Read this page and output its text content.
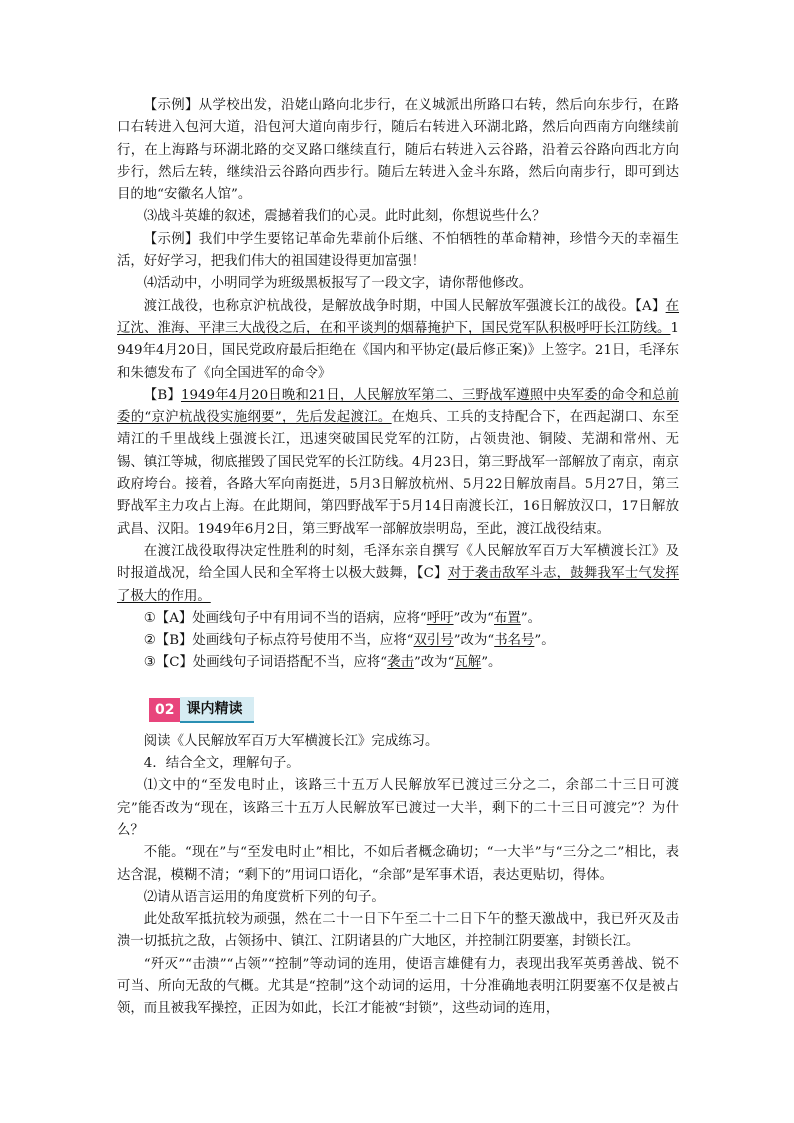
【示例】从学校出发，沿姥山路向北步行，在义城派出所路口右转，然后向东步行，在路口右转进入包河大道，沿包河大道向南步行，随后右转进入环湖北路，然后向西南方向继续前行，在上海路与环湖北路的交叉路口继续直行，随后右转进入云谷路，沿着云谷路向西北方向步行，然后左转，继续沿云谷路向西步行。随后左转进入金斗东路，然后向南步行，即可到达目的地“安徽名人馆”。

⑶战斗英雄的叙述，震撼着我们的心灵。此时此刻，你想说些什么？

【示例】我们中学生要铭记革命先辈前仆后继、不怕牺牲的革命精神，珍惜今天的幸福生活，好好学习，把我们伟大的祖国建设得更加富强！

⑷活动中，小明同学为班级黑板报写了一段文字，请你帮他修改。

渡江战役，也称京沪杭战役，是解放战争时期，中国人民解放军强渡长江的战役。【A】在辽沈、淮海、平津三大战役之后，在和平谈判的烟幕掩护下，国民党军队积极呼吁长江防线。1949年4月20日，国民党政府最后拒绝在《国内和平协定(最后修正案)》上签字。21日，毛泽东和朱德发布了《向全国进军的命令》

【B】1949年4月20日晚和21日，人民解放军第二、三野战军遵照中央军委的命令和总前委的“京沪杭战役实施纲要”，先后发起渡江。在炮兵、工兵的支持配合下，在西起湖口、东至靖江的千里战线上强渡长江，迅速突破国民党军的江防，占领贵池、铜陵、芜湖和常州、无锡、镇江等城，彻底摧毁了国民党军的长江防线。4月23日，第三野战军一部解放了南京，南京政府垮台。接着，各路大军向南挺进，5月3日解放杭州、5月22日解放南昌。5月27日，第三野战军主力攻占上海。在此期间，第四野战军于5月14日南渡长江，16日解放汉口，17日解放武昌、汉阳。1949年6月2日，第三野战军一部解放崇明岛，至此，渡江战役结束。

在渡江战役取得决定性胜利的时刻，毛泽东亲自撰写《人民解放军百万大军横渡长江》及时报道战况，给全国人民和全军将士以极大鼓舞，【C】对于袭击敌军斗志，鼓舞我军士气发挥了极大的作用。

①【A】处画线句子中有用词不当的语病，应将“呼吁”改为“布置”。

②【B】处画线句子标点符号使用不当，应将“双引号”改为“书名号”。

③【C】处画线句子词语搭配不当，应将“袭击”改为“瓦解”。

02 课内精读

阅读《人民解放军百万大军横渡长江》完成练习。

4．结合全文，理解句子。

⑴文中的“至发电时止，该路三十五万人民解放军已渡过三分之二，余部二十三日可渡完”能否改为“现在，该路三十五万人民解放军已渡过一大半，剩下的二十三日可渡完”？为什么？

不能。“现在”与“至发电时止”相比，不如后者概念确切；“一大半”与“三分之二”相比，表达含混，模糊不清；“剩下的”用词口语化，“余部”是军事术语，表达更贴切，得体。

⑵请从语言运用的角度赏析下列的句子。

此处敌军抵抗较为顽强，然在二十一日下午至二十二日下午的整天激战中，我已歼灭及击溃一切抵抗之敌，占领扬中、镇江、江阴诸县的广大地区，并控制江阴要塞，封锁长江。

“歼灭”“击溃”“占领”“控制”等动词的连用，使语言雄健有力，表现出我军英勇善战、锐不可当、所向无敌的气概。尤其是“控制”这个动词的运用，十分准确地表明江阴要塞不仅是被占领，而且被我军操控，正因为如此，长江才能被“封锁”，这些动词的连用，
